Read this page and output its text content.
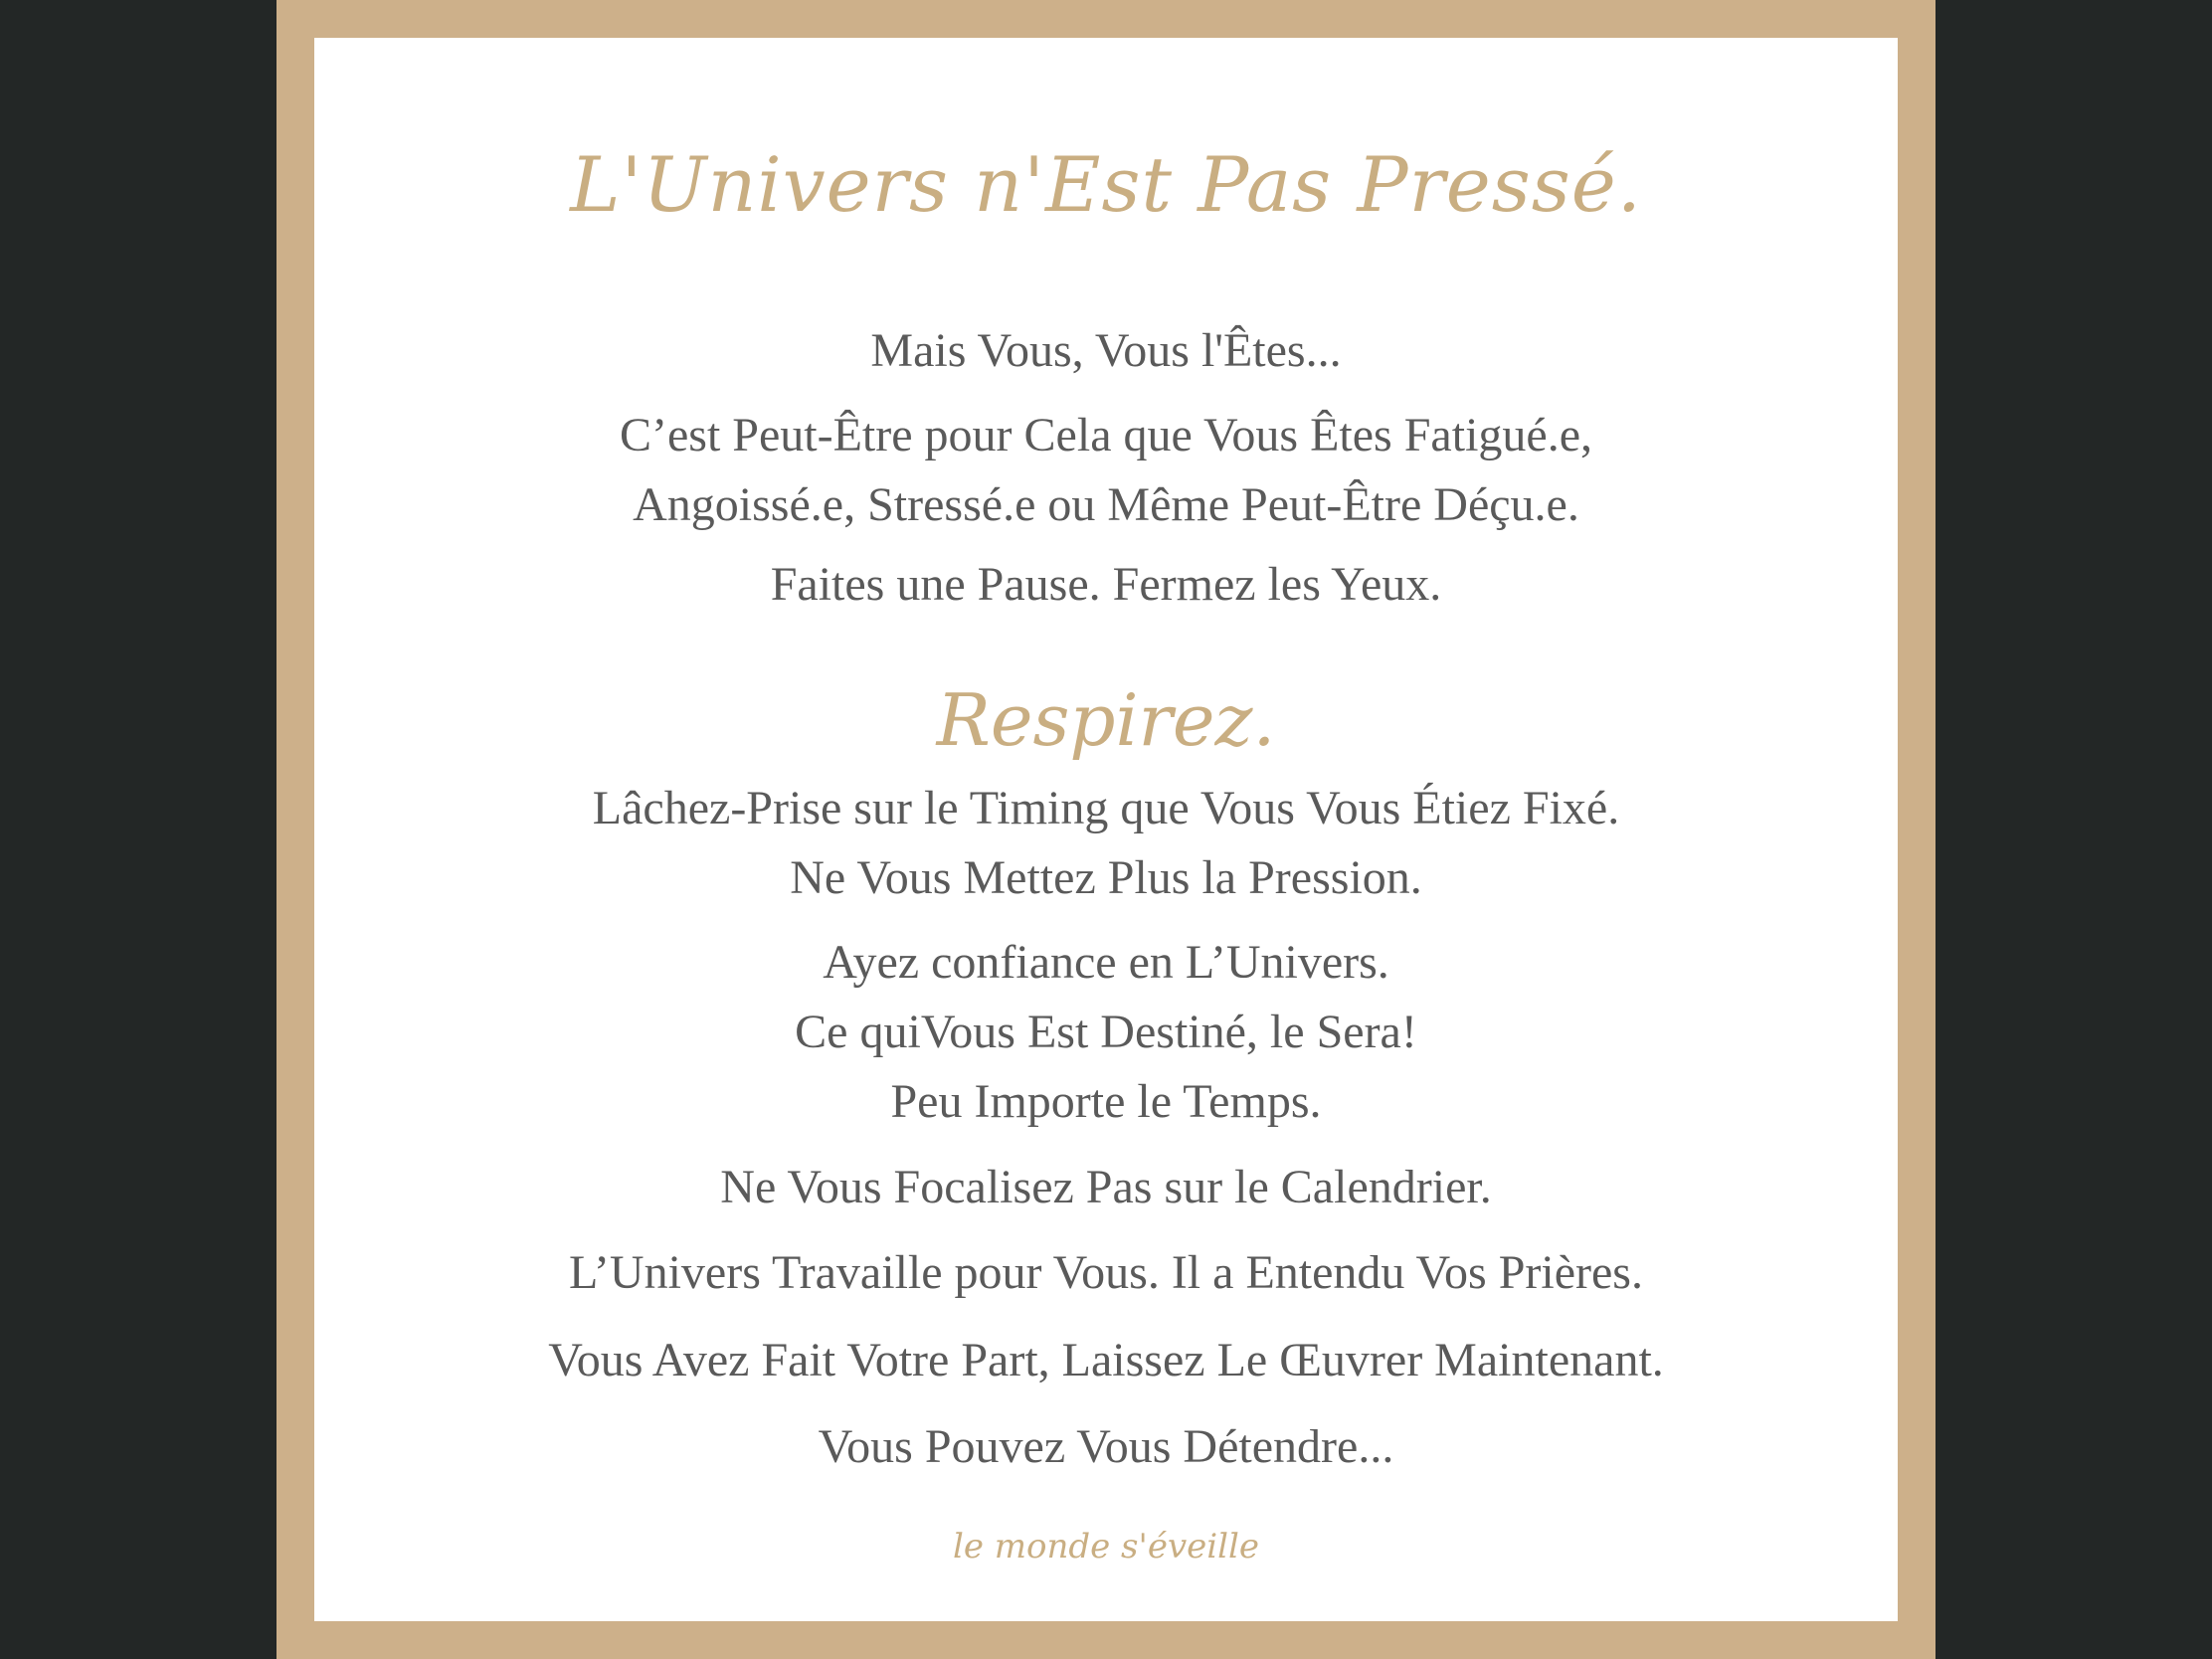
L'Univers n'Est Pas Pressé.

Mais Vous, Vous l'Êtes...

C’est Peut-Être pour Cela que Vous Êtes Fatigué.e,
Angoissé.e, Stressé.e ou Même Peut-Être Déçu.e.

Faites une Pause. Fermez les Yeux.

Respirez.

Lâchez-Prise sur le Timing que Vous Vous Étiez Fixé.
Ne Vous Mettez Plus la Pression.

Ayez confiance en L’Univers.
Ce quiVous Est Destiné, le Sera!
Peu Importe le Temps.

Ne Vous Focalisez Pas sur le Calendrier.

L’Univers Travaille pour Vous. Il a Entendu Vos Prières.

Vous Avez Fait Votre Part, Laissez Le Œuvrer Maintenant.

Vous Pouvez Vous Détendre...

le monde s'éveille
